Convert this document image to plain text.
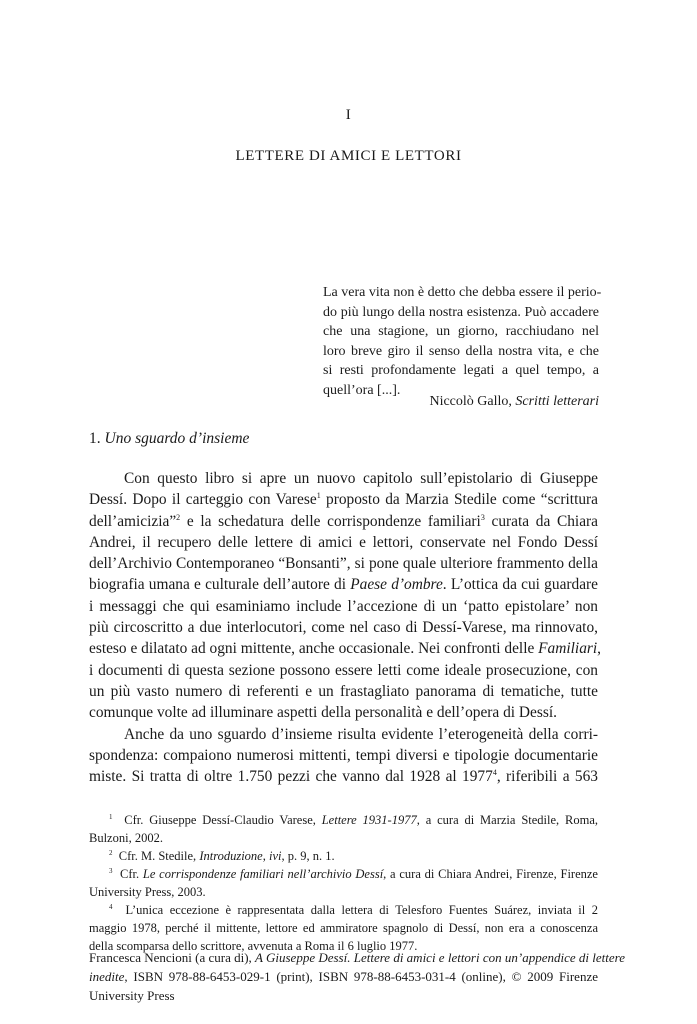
I
LETTERE DI AMICI E LETTORI
La vera vita non è detto che debba essere il perio-
do più lungo della nostra esistenza. Può accadere
che una stagione, un giorno, racchiudano nel
loro breve giro il senso della nostra vita, e che
si resti profondamente legati a quel tempo, a
quell’ora [...].
Niccolò Gallo, Scritti letterari
1. Uno sguardo d’insieme
Con questo libro si apre un nuovo capitolo sull’epistolario di Giuseppe
Dessí. Dopo il carteggio con Varese$^1$ proposto da Marzia Stedile come “scrittura
dell’amicizia”$^2$ e la schedatura delle corrispondenze familiari$^3$ curata da Chiara
Andrei, il recupero delle lettere di amici e lettori, conservate nel Fondo Dessí
dell’Archivio Contemporaneo “Bonsanti”, si pone quale ulteriore frammento della
biografia umana e culturale dell’autore di Paese d’ombre. L’ottica da cui guardare
i messaggi che qui esaminiamo include l’accezione di un ‘patto epistolare’ non
più circoscritto a due interlocutori, come nel caso di Dessí-Varese, ma rinnovato,
esteso e dilatato ad ogni mittente, anche occasionale. Nei confronti delle Familiari,
i documenti di questa sezione possono essere letti come ideale prosecuzione, con
un più vasto numero di referenti e un frastagliato panorama di tematiche, tutte
comunque volte ad illuminare aspetti della personalità e dell’opera di Dessí.
Anche da uno sguardo d’insieme risulta evidente l’eterogeneità della corri-
spondenza: compaiono numerosi mittenti, tempi diversi e tipologie documentarie
miste. Si tratta di oltre 1.750 pezzi che vanno dal 1928 al 1977$^4$, riferibili a 563
$^1$ Cfr. Giuseppe Dessí-Claudio Varese, Lettere 1931-1977, a cura di Marzia Stedile, Roma,
Bulzoni, 2002.
$^2$ Cfr. M. Stedile, Introduzione, ivi, p. 9, n. 1.
$^3$ Cfr. Le corrispondenze familiari nell’archivio Dessí, a cura di Chiara Andrei, Firenze, Firenze
University Press, 2003.
$^4$ L’unica eccezione è rappresentata dalla lettera di Telesforo Fuentes Suárez, inviata il 2
maggio 1978, perché il mittente, lettore ed ammiratore spagnolo di Dessí, non era a conoscenza
della scomparsa dello scrittore, avvenuta a Roma il 6 luglio 1977.
Francesca Nencioni (a cura di), A Giuseppe Dessí. Lettere di amici e lettori con un’appendice di lettere
inedite, ISBN 978-88-6453-029-1 (print), ISBN 978-88-6453-031-4 (online), © 2009 Firenze
University Press
